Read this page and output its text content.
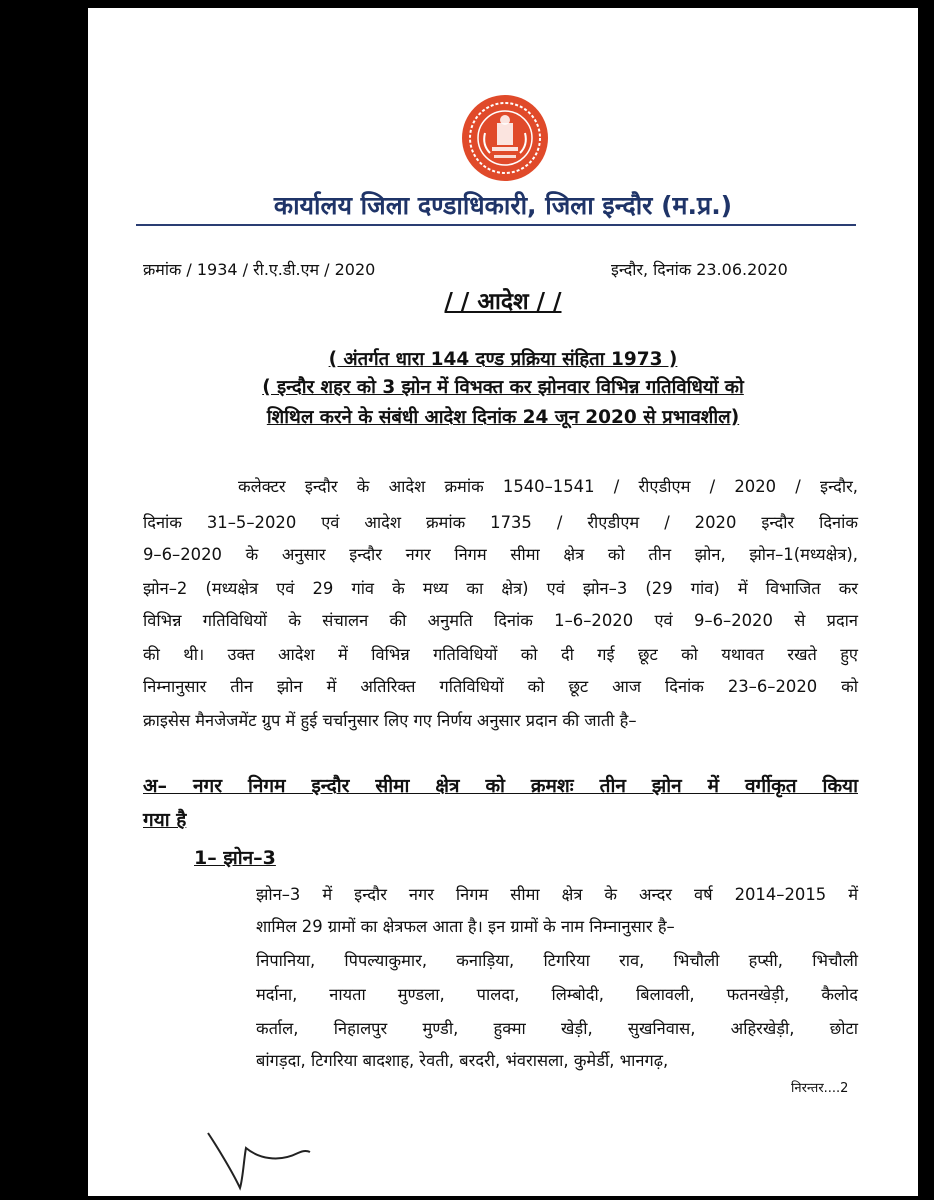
कार्यालय जिला दण्डाधिकारी, जिला इन्दौर (म.प्र.)
क्रमांक / 1934 / री.ए.डी.एम / 2020	इन्दौर, दिनांक 23.06.2020
/ / आदेश / /
( अंतर्गत धारा 144 दण्ड प्रक्रिया संहिता 1973 )
( इन्दौर शहर को 3 झोन में विभक्त कर झोनवार विभिन्न गतिविधियों को
शिथिल करने के संबंधी आदेश दिनांक 24 जून 2020 से प्रभावशील)
कलेक्टर इन्दौर के आदेश क्रमांक 1540–1541 / रीएडीएम / 2020 / इन्दौर,
दिनांक 31–5–2020 एवं आदेश क्रमांक 1735 / रीएडीएम / 2020 इन्दौर दिनांक
9–6–2020 के अनुसार इन्दौर नगर निगम सीमा क्षेत्र को तीन झोन, झोन–1(मध्यक्षेत्र),
झोन–2 (मध्यक्षेत्र एवं 29 गांव के मध्य का क्षेत्र) एवं झोन–3 (29 गांव) में विभाजित कर
विभिन्न गतिविधियों के संचालन की अनुमति दिनांक 1–6–2020 एवं 9–6–2020 से प्रदान
की थी। उक्त आदेश में विभिन्न गतिविधियों को दी गई छूट को यथावत रखते हुए
निम्नानुसार तीन झोन में अतिरिक्त गतिविधियों को छूट आज दिनांक 23–6–2020 को
क्राइसेस मैनजेजमेंट ग्रुप में हुई चर्चानुसार लिए गए निर्णय अनुसार प्रदान की जाती है–
अ– नगर निगम इन्दौर सीमा क्षेत्र को क्रमशः तीन झोन में वर्गीकृत किया
गया है
1– झोन–3
झोन–3 में इन्दौर नगर निगम सीमा क्षेत्र के अन्दर वर्ष 2014–2015 में
शामिल 29 ग्रामों का क्षेत्रफल आता है। इन ग्रामों के नाम निम्नानुसार है–
निपानिया, पिपल्याकुमार, कनाड़िया, टिगरिया राव, भिचौली हप्सी, भिचौली
मर्दाना, नायता मुण्डला, पालदा, लिम्बोदी, बिलावली, फतनखेड़ी, कैलोद
कर्ताल, निहालपुर मुण्डी, हुक्मा खेड़ी, सुखनिवास, अहिरखेड़ी, छोटा
बांगड़दा, टिगरिया बादशाह, रेवती, बरदरी, भंवरासला, कुमेर्डी, भानगढ़,
निरन्तर....2
